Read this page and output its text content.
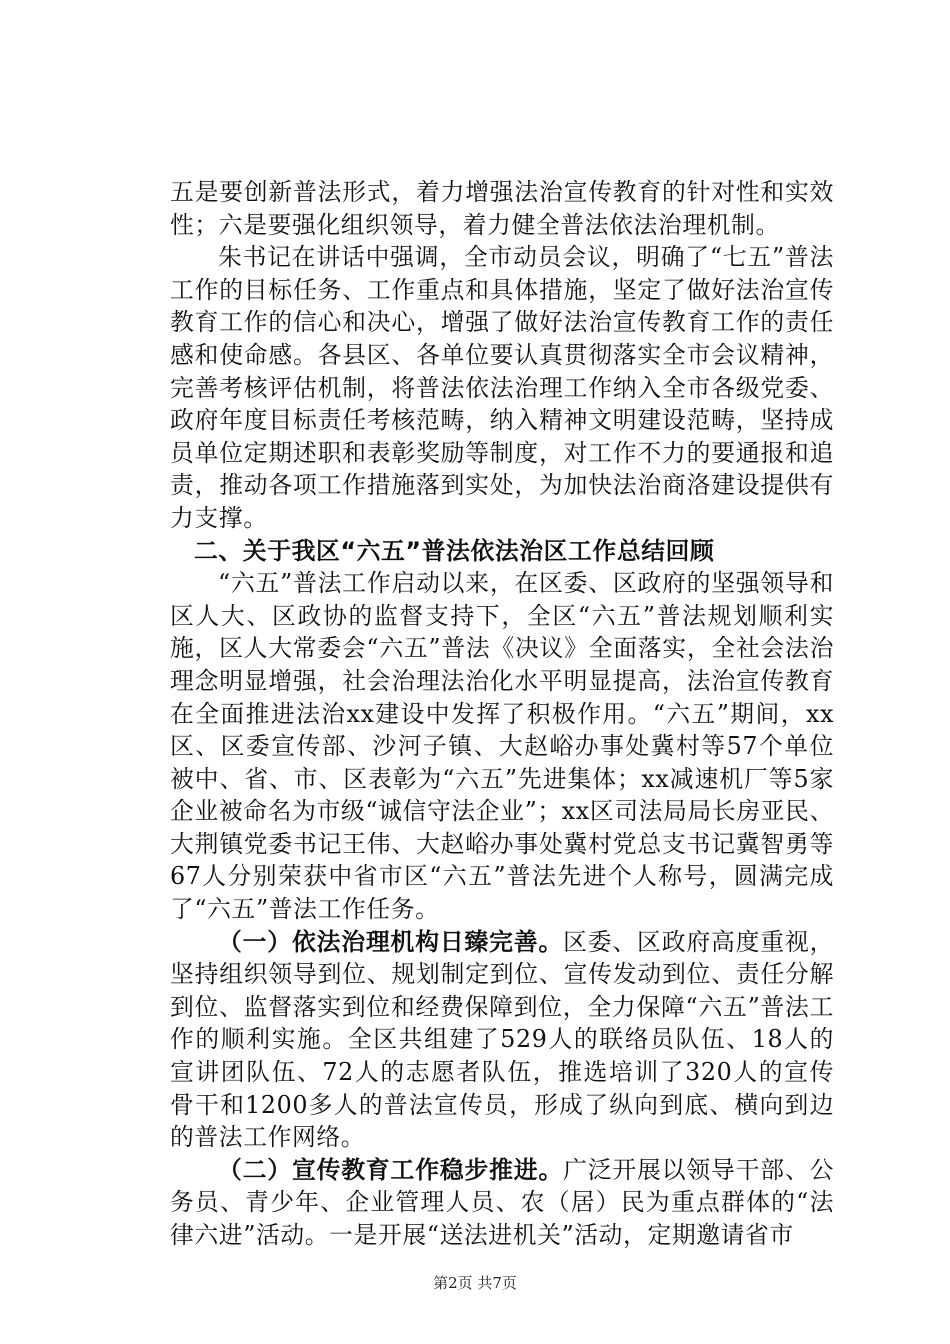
五是要创新普法形式，着力增强法治宣传教育的针对性和实效性；六是要强化组织领导，着力健全普法依法治理机制。

朱书记在讲话中强调，全市动员会议，明确了“七五”普法工作的目标任务、工作重点和具体措施，坚定了做好法治宣传教育工作的信心和决心，增强了做好法治宣传教育工作的责任感和使命感。各县区、各单位要认真贯彻落实全市会议精神，完善考核评估机制，将普法依法治理工作纳入全市各级党委、政府年度目标责任考核范畴，纳入精神文明建设范畴，坚持成员单位定期述职和表彰奖励等制度，对工作不力的要通报和追责，推动各项工作措施落到实处，为加快法治商洛建设提供有力支撑。

二、关于我区“六五”普法依法治区工作总结回顾

“六五”普法工作启动以来，在区委、区政府的坚强领导和区人大、区政协的监督支持下，全区“六五”普法规划顺利实施，区人大常委会“六五”普法《决议》全面落实，全社会法治理念明显增强，社会治理法治化水平明显提高，法治宣传教育在全面推进法治xx建设中发挥了积极作用。“六五”期间，xx区、区委宣传部、沙河子镇、大赵峪办事处冀村等57个单位被中、省、市、区表彰为“六五”先进集体；xx减速机厂等5家企业被命名为市级“诚信守法企业”；xx区司法局局长房亚民、大荆镇党委书记王伟、大赵峪办事处冀村党总支书记冀智勇等67人分别荣获中省市区“六五”普法先进个人称号，圆满完成了“六五”普法工作任务。

（一）依法治理机构日臻完善。区委、区政府高度重视，坚持组织领导到位、规划制定到位、宣传发动到位、责任分解到位、监督落实到位和经费保障到位，全力保障“六五”普法工作的顺利实施。全区共组建了529人的联络员队伍、18人的宣讲团队伍、72人的志愿者队伍，推选培训了320人的宣传骨干和1200多人的普法宣传员，形成了纵向到底、横向到边的普法工作网络。

（二）宣传教育工作稳步推进。广泛开展以领导干部、公务员、青少年、企业管理人员、农（居）民为重点群体的“法律六进”活动。一是开展“送法进机关”活动，定期邀请省市

第2页 共7页
